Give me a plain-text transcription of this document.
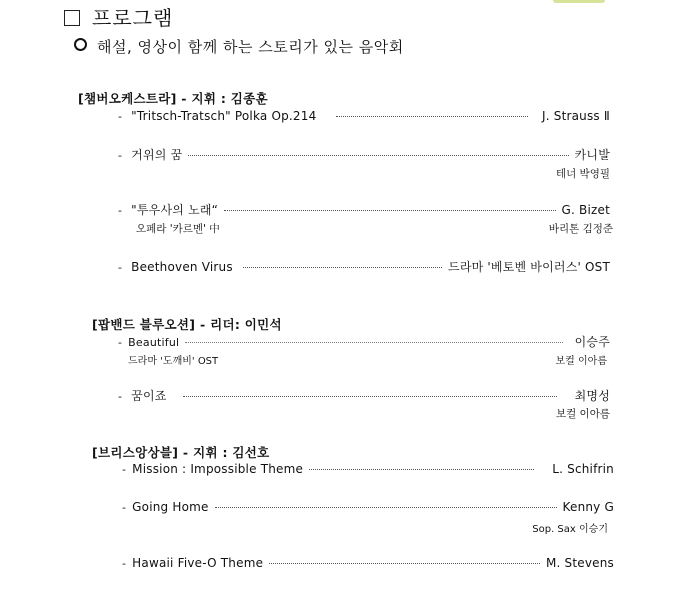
프로그램
해설, 영상이 함께 하는 스토리가 있는 음악회
[챔버오케스트라] - 지휘 : 김종훈
- "Tritsch-Tratsch" Polka Op.214	J. Strauss Ⅱ
- 거위의 꿈	카니발
테너 박영필
- "투우사의 노래“	G. Bizet
오페라 '카르멘' 中	바리톤 김정준
- Beethoven Virus	드라마 '베토벤 바이러스' OST
[팝밴드 블루오션] - 리더: 이민석
- Beautiful	이승주
드라마 '도깨비' OST	보컬 이아름
- 꿈이죠	최명성
보컬 이아름
[브리스앙상블] - 지휘 : 김선호
- Mission : Impossible Theme	L. Schifrin
- Going Home	Kenny G
Sop. Sax 이승기
- Hawaii Five-O Theme	M. Stevens
